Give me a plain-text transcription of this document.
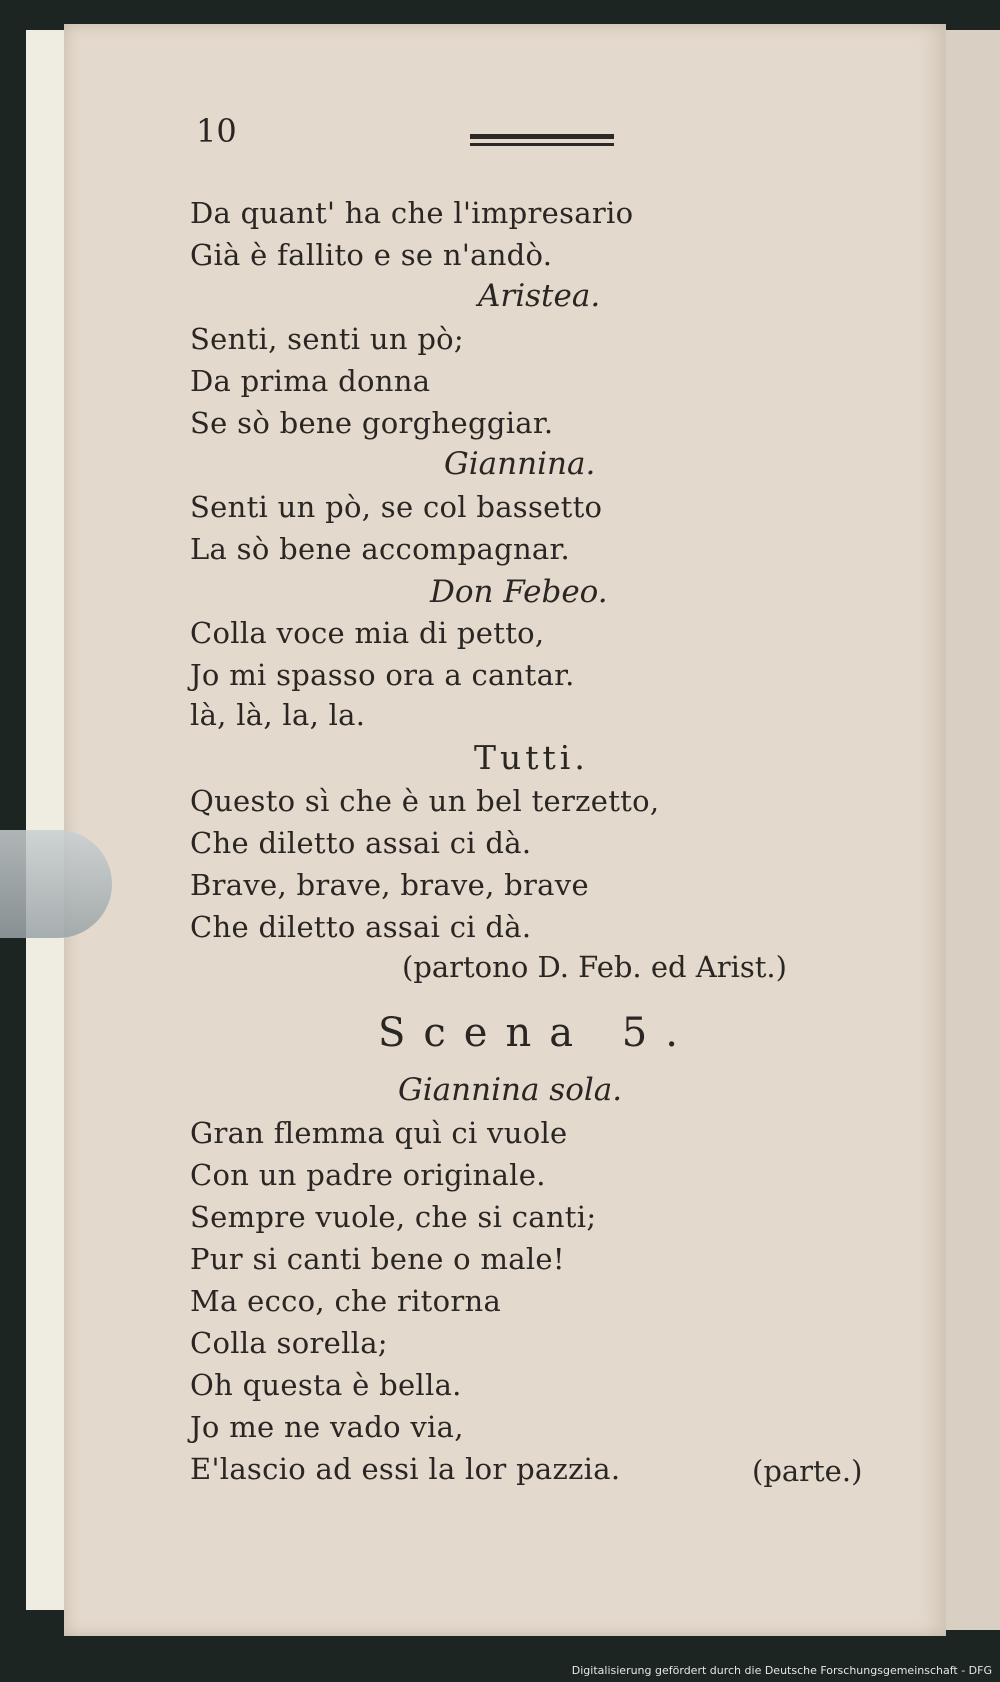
10
Da quant' ha che l'impresario
Già è fallito e se n'andò.
Aristea.
Senti, senti un pò;
Da prima donna
Se sò bene gorgheggiar.
Giannina.
Senti un pò, se col bassetto
La sò bene accompagnar.
Don Febeo.
Colla voce mia di petto,
Jo mi spasso ora a cantar.
là, là, la, la.
Tutti.
Questo sì che è un bel terzetto,
Che diletto assai ci dà.
Brave, brave, brave, brave
Che diletto assai ci dà.
(partono D. Feb. ed Arist.)
Scena 5.
Giannina sola.
Gran flemma quì ci vuole
Con un padre originale.
Sempre vuole, che si canti;
Pur si canti bene o male!
Ma ecco, che ritorna
Colla sorella;
Oh questa è bella.
Jo me ne vado via,
E'lascio ad essi la lor pazzia.	(parte.)
Digitalisierung gefördert durch die Deutsche Forschungsgemeinschaft - DFG
